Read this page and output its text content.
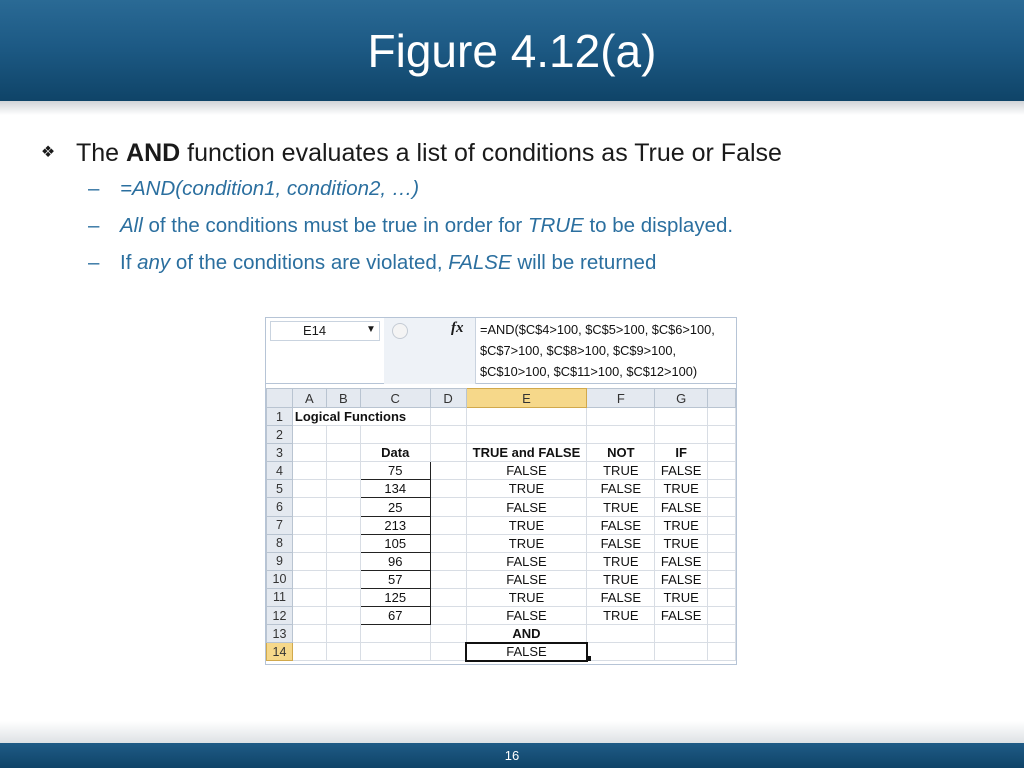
Figure 4.12(a)
❖ The AND function evaluates a list of conditions as True or False
– =AND(condition1, condition2, …)
– All of the conditions must be true in order for TRUE to be displayed.
– If any of the conditions are violated, FALSE will be returned
E14	▼	fx =AND($C$4>100, $C$5>100, $C$6>100,
$C$7>100, $C$8>100, $C$9>100,
$C$10>100, $C$11>100, $C$12>100)
	A	B	C	D	E	F	G	
1	Logical Functions							
2								
3			Data		TRUE and FALSE	NOT	IF	
4			75		FALSE	TRUE	FALSE	
5			134		TRUE	FALSE	TRUE	
6			25		FALSE	TRUE	FALSE	
7			213		TRUE	FALSE	TRUE	
8			105		TRUE	FALSE	TRUE	
9			96		FALSE	TRUE	FALSE	
10			57		FALSE	TRUE	FALSE	
11			125		TRUE	FALSE	TRUE	
12			67		FALSE	TRUE	FALSE	
13					AND			
14					FALSE			
16
